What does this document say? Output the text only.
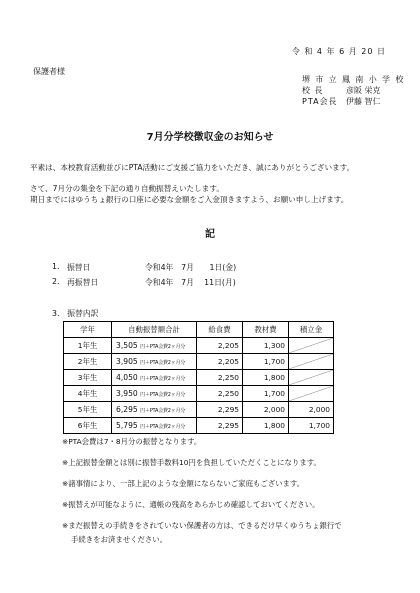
令 和 4 年 6 月 20 日
保護者様
堺 市 立 鳳 南 小 学 校
校 長	彦阪 栄克
PTA会長	伊藤 智仁
7月分学校徴収金のお知らせ
平素は、本校教育活動並びにPTA活動にご支援ご協力をいただき、誠にありがとうございます。
さて、7月分の集金を下記の通り自動振替えいたします。
期日までにはゆうちょ銀行の口座に必要な金額をご入金頂きますよう、お願い申し上げます。
記
1. 振替日	令和4年　7月　　1日(金)
2. 再振替日	令和4年　7月　 11日(月)
3.　振替内訳
学年	自動振替額合計	給食費	教材費	積立金
1年生	3,505 円＋PTA会費2ヶ月分	2,205	1,300	

2年生	3,905 円＋PTA会費2ヶ月分	2,205	1,700	

3年生	4,050 円＋PTA会費2ヶ月分	2,250	1,800	

4年生	3,950 円＋PTA会費2ヶ月分	2,250	1,700	

5年生	6,295 円＋PTA会費2ヶ月分	2,295	2,000	2,000
6年生	5,795 円＋PTA会費2ヶ月分	2,295	1,800	1,700
※PTA会費は7・8月分の振替となります。
※上記振替金額とは別に振替手数料10円を負担していただくことになります。
※諸事情により、一部上記のような金額にならないご家庭もございます。
※振替えが可能なように、通帳の残高をあらかじめ確認しておいてください。
※まだ振替えの手続きをされていない保護者の方は、できるだけ早くゆうちょ銀行で
手続きをお済ませください。
